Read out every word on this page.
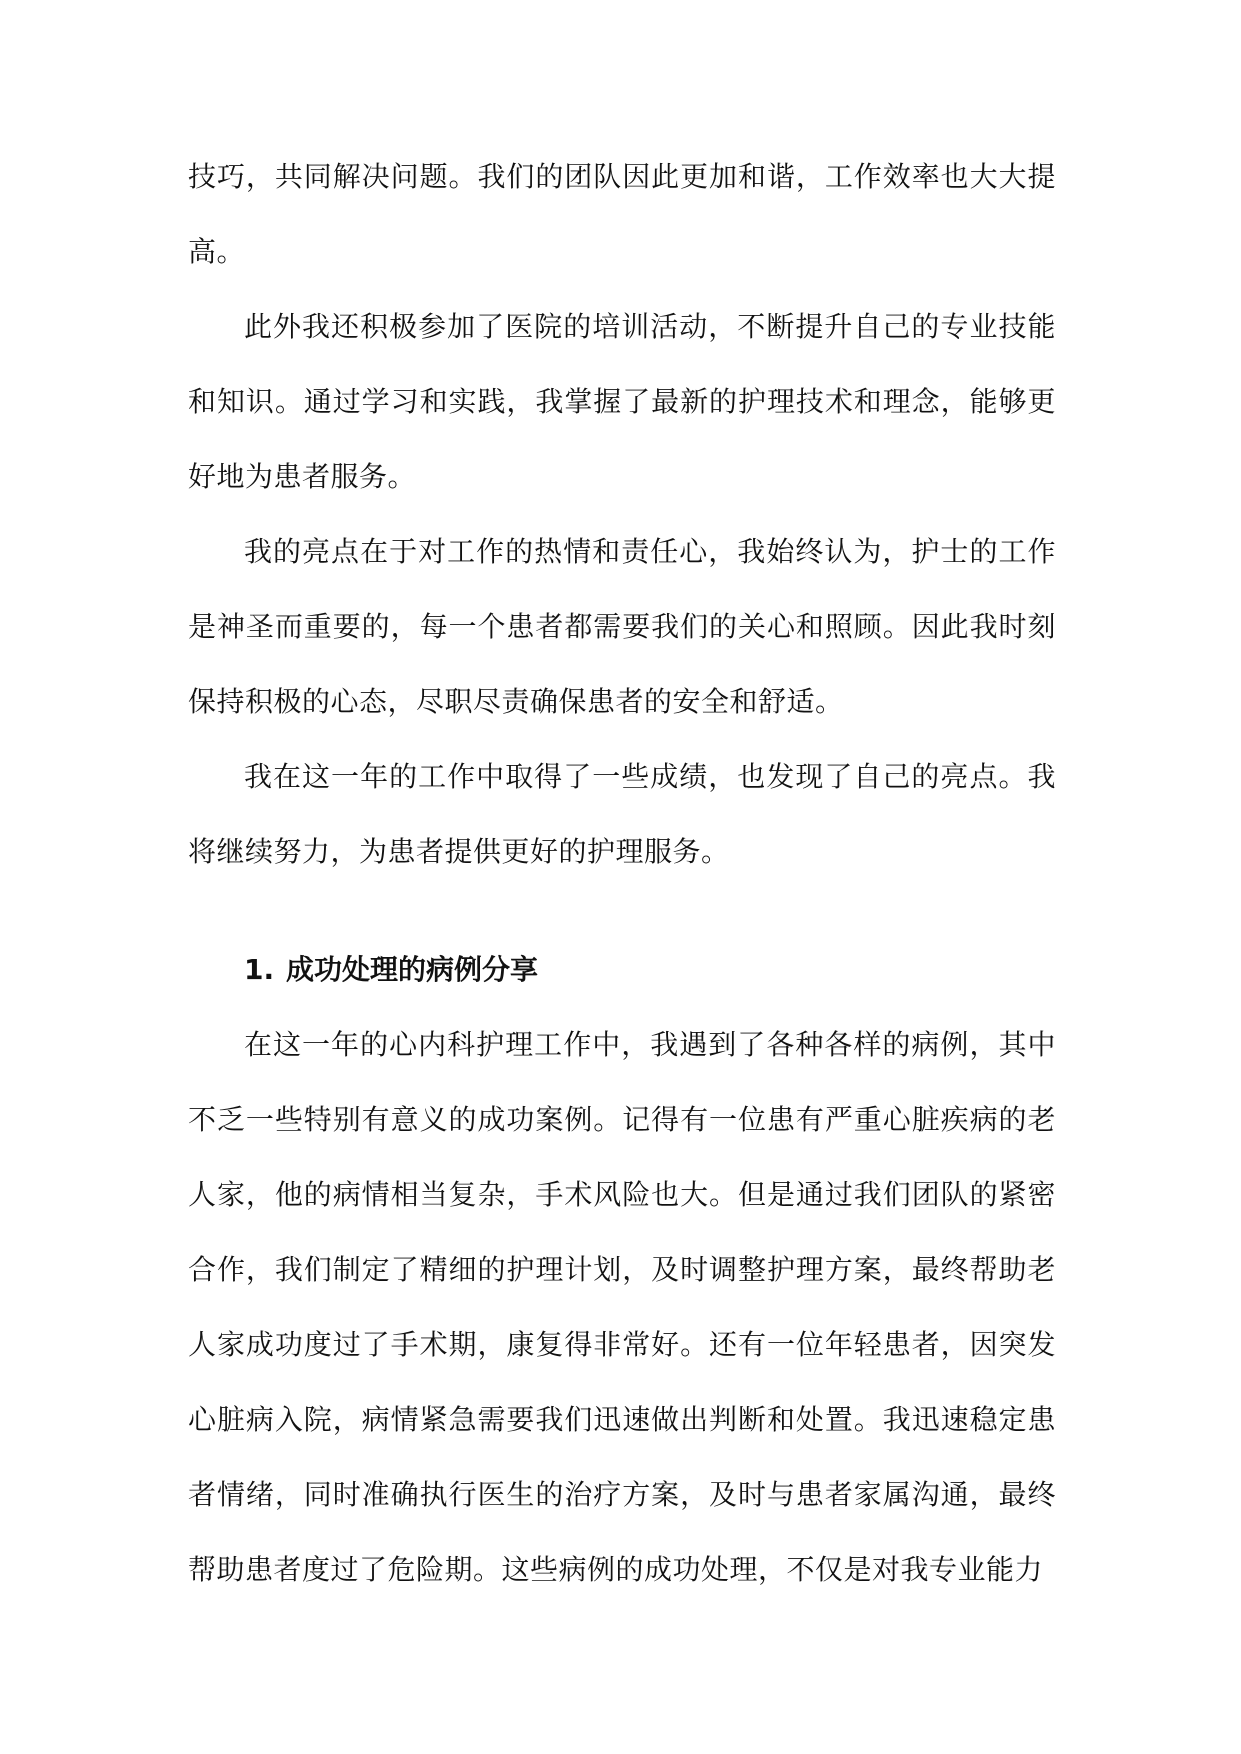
技巧，共同解决问题。我们的团队因此更加和谐，工作效率也大大提高。

此外我还积极参加了医院的培训活动，不断提升自己的专业技能和知识。通过学习和实践，我掌握了最新的护理技术和理念，能够更好地为患者服务。

我的亮点在于对工作的热情和责任心，我始终认为，护士的工作是神圣而重要的，每一个患者都需要我们的关心和照顾。因此我时刻保持积极的心态，尽职尽责确保患者的安全和舒适。

我在这一年的工作中取得了一些成绩，也发现了自己的亮点。我将继续努力，为患者提供更好的护理服务。

1. 成功处理的病例分享

在这一年的心内科护理工作中，我遇到了各种各样的病例，其中不乏一些特别有意义的成功案例。记得有一位患有严重心脏疾病的老人家，他的病情相当复杂，手术风险也大。但是通过我们团队的紧密合作，我们制定了精细的护理计划，及时调整护理方案，最终帮助老人家成功度过了手术期，康复得非常好。还有一位年轻患者，因突发心脏病入院，病情紧急需要我们迅速做出判断和处置。我迅速稳定患者情绪，同时准确执行医生的治疗方案，及时与患者家属沟通，最终帮助患者度过了危险期。这些病例的成功处理，不仅是对我专业能力
